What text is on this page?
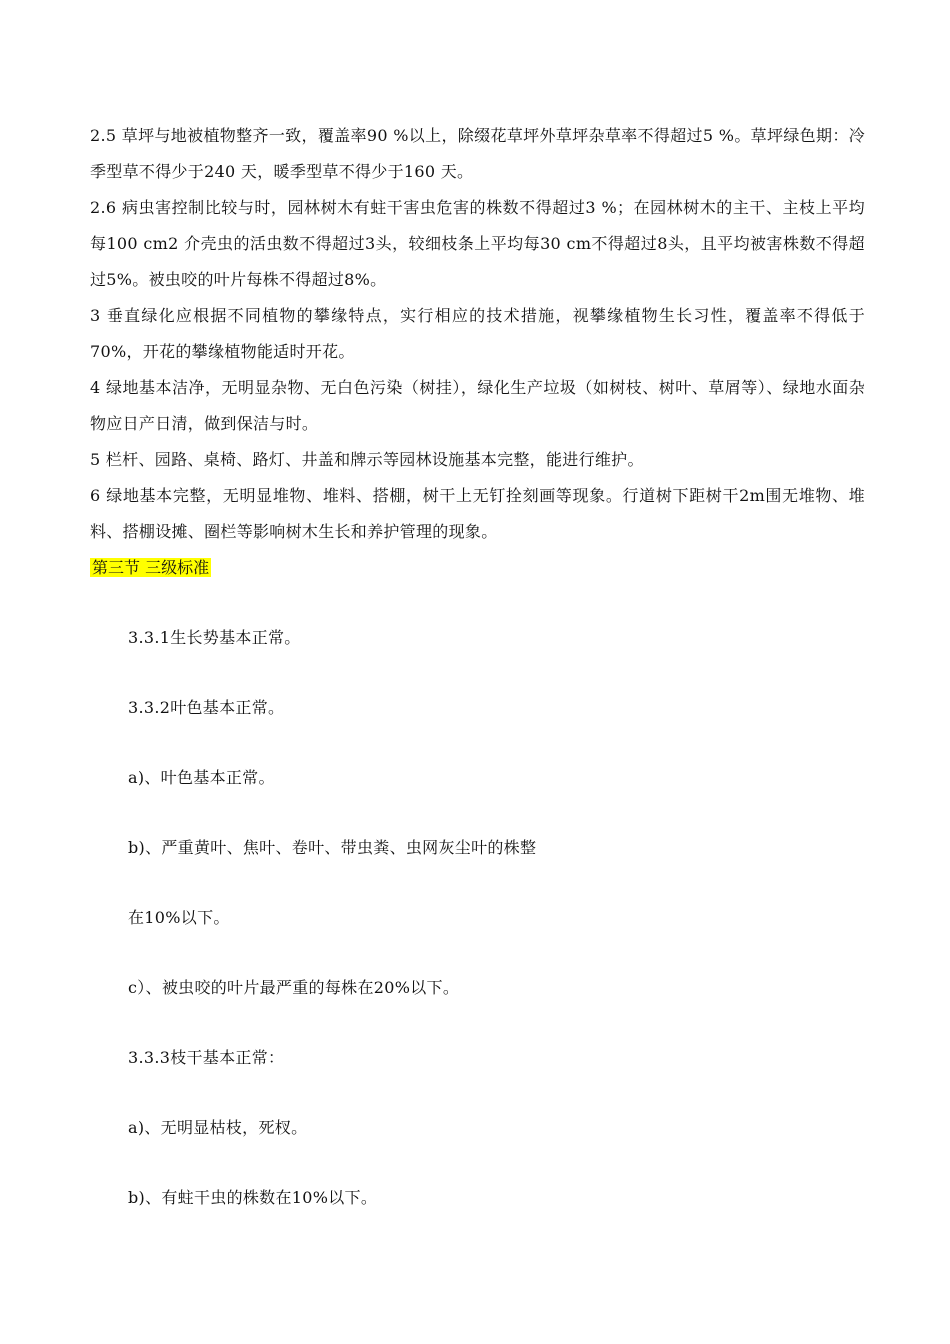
2.5 草坪与地被植物整齐一致，覆盖率90 %以上，除缀花草坪外草坪杂草率不得超过5 %。草坪绿色期：冷季型草不得少于240 天，暖季型草不得少于160 天。

2.6 病虫害控制比较与时，园林树木有蛀干害虫危害的株数不得超过3 %；在园林树木的主干、主枝上平均每100 cm2 介壳虫的活虫数不得超过3头，较细枝条上平均每30 cm不得超过8头，且平均被害株数不得超过5%。被虫咬的叶片每株不得超过8%。

3 垂直绿化应根据不同植物的攀缘特点，实行相应的技术措施，视攀缘植物生长习性，覆盖率不得低于70%，开花的攀缘植物能适时开花。

4 绿地基本洁净，无明显杂物、无白色污染（树挂），绿化生产垃圾（如树枝、树叶、草屑等）、绿地水面杂物应日产日清，做到保洁与时。

5 栏杆、园路、桌椅、路灯、井盖和牌示等园林设施基本完整，能进行维护。

6 绿地基本完整，无明显堆物、堆料、搭棚，树干上无钉拴刻画等现象。行道树下距树干2m围无堆物、堆料、搭棚设摊、圈栏等影响树木生长和养护管理的现象。

第三节 三级标准

3.3.1生长势基本正常。

3.3.2叶色基本正常。

a)、叶色基本正常。

b)、严重黄叶、焦叶、卷叶、带虫粪、虫网灰尘叶的株整

在10%以下。

c）、被虫咬的叶片最严重的每株在20%以下。

3.3.3枝干基本正常：

a)、无明显枯枝，死杈。

b)、有蛀干虫的株数在10%以下。
